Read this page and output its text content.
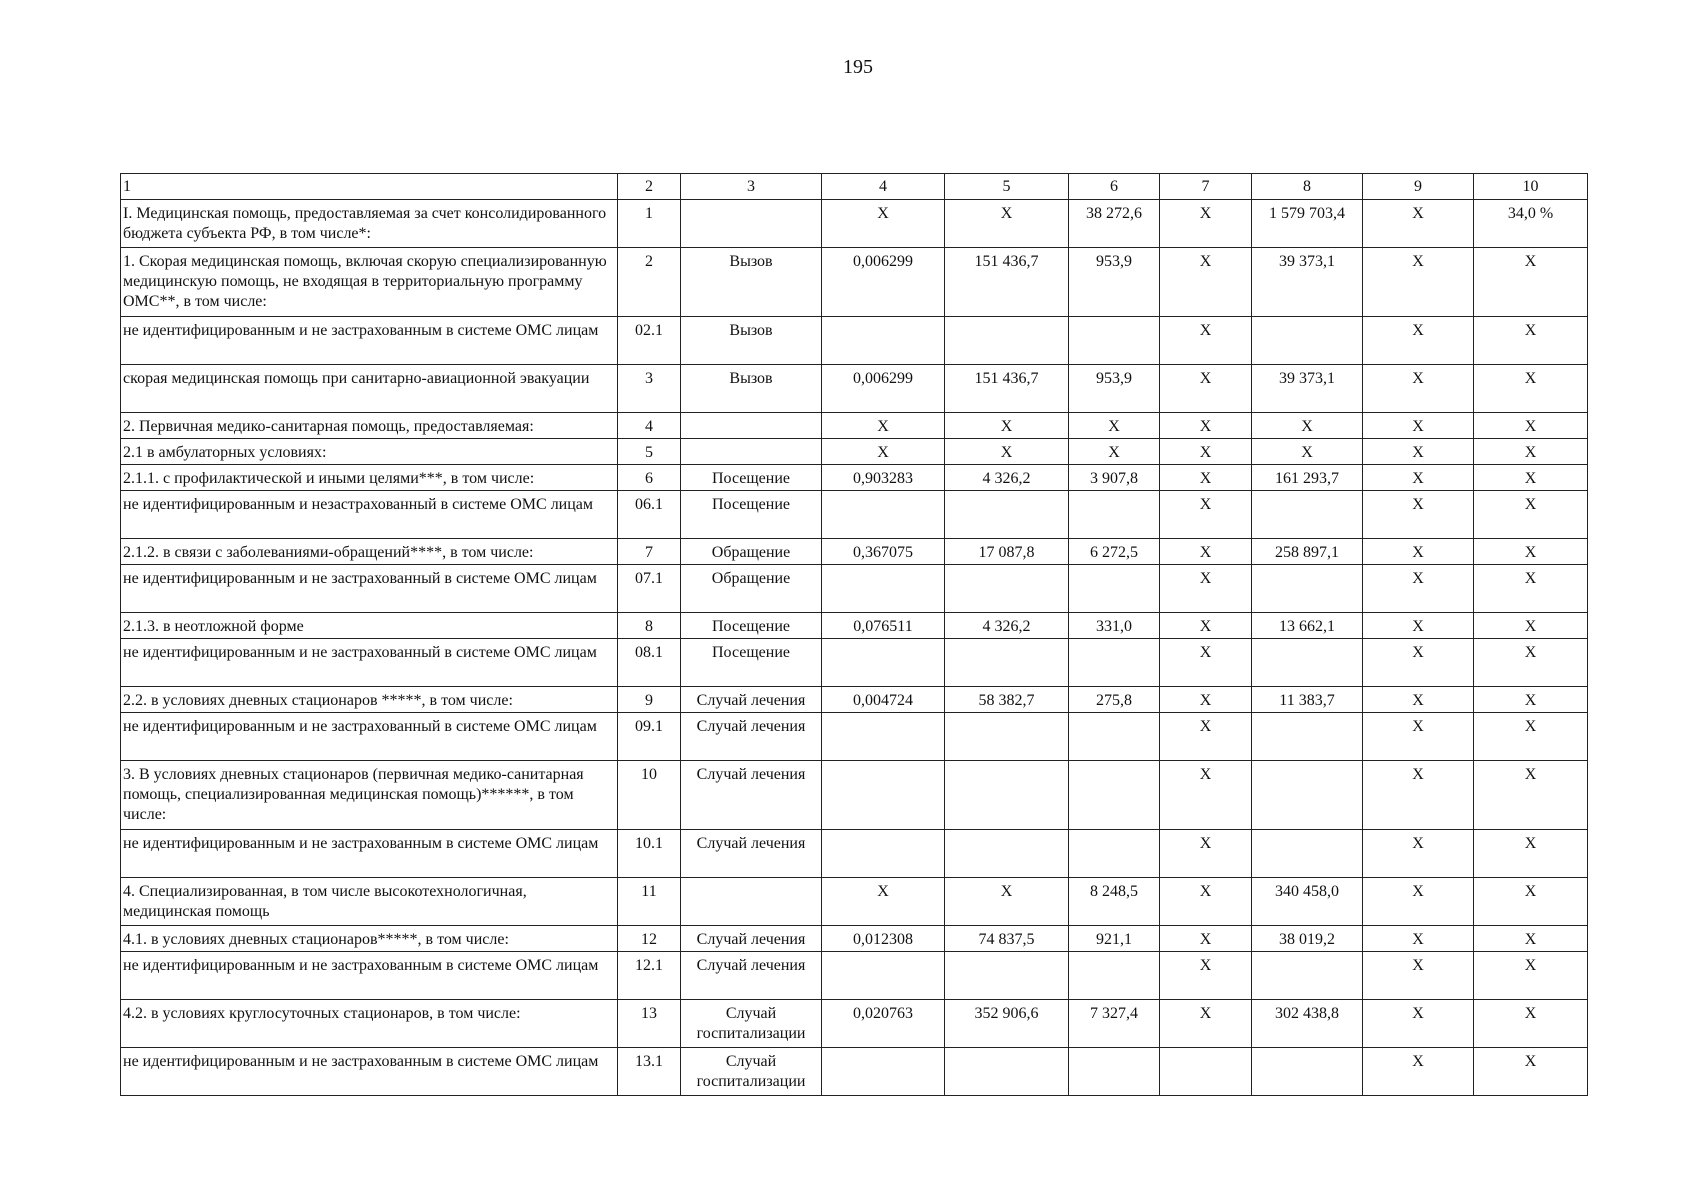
195
1	2	3	4	5	6	7	8	9	10
I. Медицинская помощь, предоставляемая за счет консолидированного бюджета субъекта РФ, в том числе*:	1		X	X	38 272,6	X	1 579 703,4	X	34,0 %
1. Скорая медицинская помощь, включая скорую специализированную медицинскую помощь, не входящая в территориальную программу ОМС**, в том числе:	2	Вызов	0,006299	151 436,7	953,9	X	39 373,1	X	X
не идентифицированным и не застрахованным в системе ОМС лицам	02.1	Вызов				X		X	X
скорая медицинская помощь при санитарно-авиационной эвакуации	3	Вызов	0,006299	151 436,7	953,9	X	39 373,1	X	X
2. Первичная медико-санитарная помощь, предоставляемая:	4		X	X	X	X	X	X	X
2.1 в амбулаторных условиях:	5		X	X	X	X	X	X	X
2.1.1. с профилактической и иными целями***, в том числе:	6	Посещение	0,903283	4 326,2	3 907,8	X	161 293,7	X	X
не идентифицированным и незастрахованный в системе ОМС лицам	06.1	Посещение				X		X	X
2.1.2. в связи с заболеваниями-обращений****, в том числе:	7	Обращение	0,367075	17 087,8	6 272,5	X	258 897,1	X	X
не идентифицированным и не застрахованный в системе ОМС лицам	07.1	Обращение				X		X	X
2.1.3. в неотложной форме	8	Посещение	0,076511	4 326,2	331,0	X	13 662,1	X	X
не идентифицированным и не застрахованный в системе ОМС лицам	08.1	Посещение				X		X	X
2.2. в условиях дневных стационаров *****, в том числе:	9	Случай лечения	0,004724	58 382,7	275,8	X	11 383,7	X	X
не идентифицированным и не застрахованный в системе ОМС лицам	09.1	Случай лечения				X		X	X
3. В условиях дневных стационаров (первичная медико-санитарная помощь, специализированная медицинская помощь)******, в том числе:	10	Случай лечения				X		X	X
не идентифицированным и не застрахованным в системе ОМС лицам	10.1	Случай лечения				X		X	X
4. Специализированная, в том числе высокотехнологичная, медицинская помощь	11		X	X	8 248,5	X	340 458,0	X	X
4.1. в условиях дневных стационаров*****, в том числе:	12	Случай лечения	0,012308	74 837,5	921,1	X	38 019,2	X	X
не идентифицированным и не застрахованным в системе ОМС лицам	12.1	Случай лечения				X		X	X
4.2. в условиях круглосуточных стационаров, в том числе:	13	Случай госпитализации	0,020763	352 906,6	7 327,4	X	302 438,8	X	X
не идентифицированным и не застрахованным в системе ОМС лицам	13.1	Случай госпитализации						X	X
